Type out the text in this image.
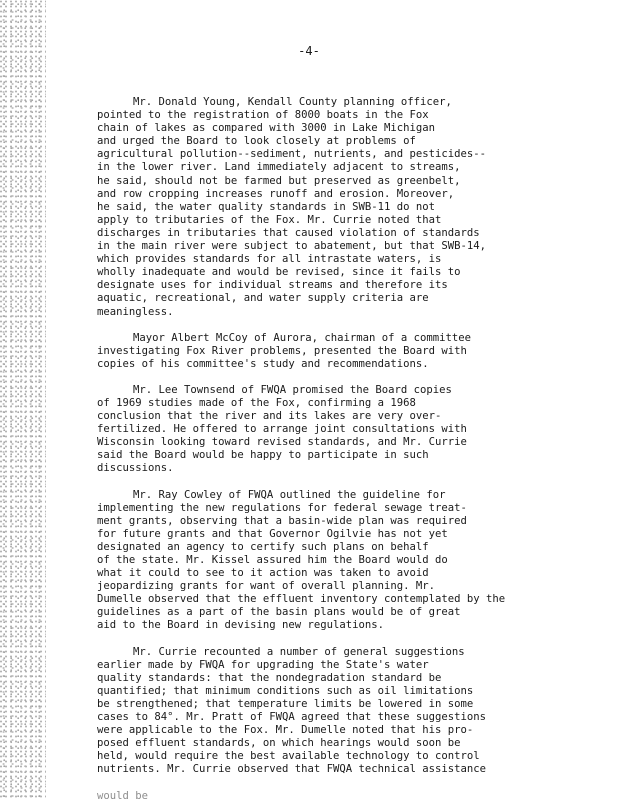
-4-
Mr. Donald Young, Kendall County planning officer,
pointed to the registration of 8000 boats in the Fox
chain of lakes as compared with 3000 in Lake Michigan
and urged the Board to look closely at problems of
agricultural pollution--sediment, nutrients, and pesticides--
in the lower river. Land immediately adjacent to streams,
he said, should not be farmed but preserved as greenbelt,
and row cropping increases runoff and erosion. Moreover,
he said, the water quality standards in SWB-11 do not
apply to tributaries of the Fox. Mr. Currie noted that
discharges in tributaries that caused violation of standards
in the main river were subject to abatement, but that SWB-14,
which provides standards for all intrastate waters, is
wholly inadequate and would be revised, since it fails to
designate uses for individual streams and therefore its
aquatic, recreational, and water supply criteria are
meaningless.
Mayor Albert McCoy of Aurora, chairman of a committee
investigating Fox River problems, presented the Board with
copies of his committee's study and recommendations.
Mr. Lee Townsend of FWQA promised the Board copies
of 1969 studies made of the Fox, confirming a 1968
conclusion that the river and its lakes are very over-
fertilized. He offered to arrange joint consultations with
Wisconsin looking toward revised standards, and Mr. Currie
said the Board would be happy to participate in such
discussions.
Mr. Ray Cowley of FWQA outlined the guideline for
implementing the new regulations for federal sewage treat-
ment grants, observing that a basin-wide plan was required
for future grants and that Governor Ogilvie has not yet
designated an agency to certify such plans on behalf
of the state. Mr. Kissel assured him the Board would do
what it could to see to it action was taken to avoid
jeopardizing grants for want of overall planning. Mr.
Dumelle observed that the effluent inventory contemplated by the
guidelines as a part of the basin plans would be of great
aid to the Board in devising new regulations.
Mr. Currie recounted a number of general suggestions
earlier made by FWQA for upgrading the State's water
quality standards: that the nondegradation standard be
quantified; that minimum conditions such as oil limitations
be strengthened; that temperature limits be lowered in some
cases to 84°. Mr. Pratt of FWQA agreed that these suggestions
were applicable to the Fox. Mr. Dumelle noted that his pro-
posed effluent standards, on which hearings would soon be
held, would require the best available technology to control
nutrients. Mr. Currie observed that FWQA technical assistance
would be
